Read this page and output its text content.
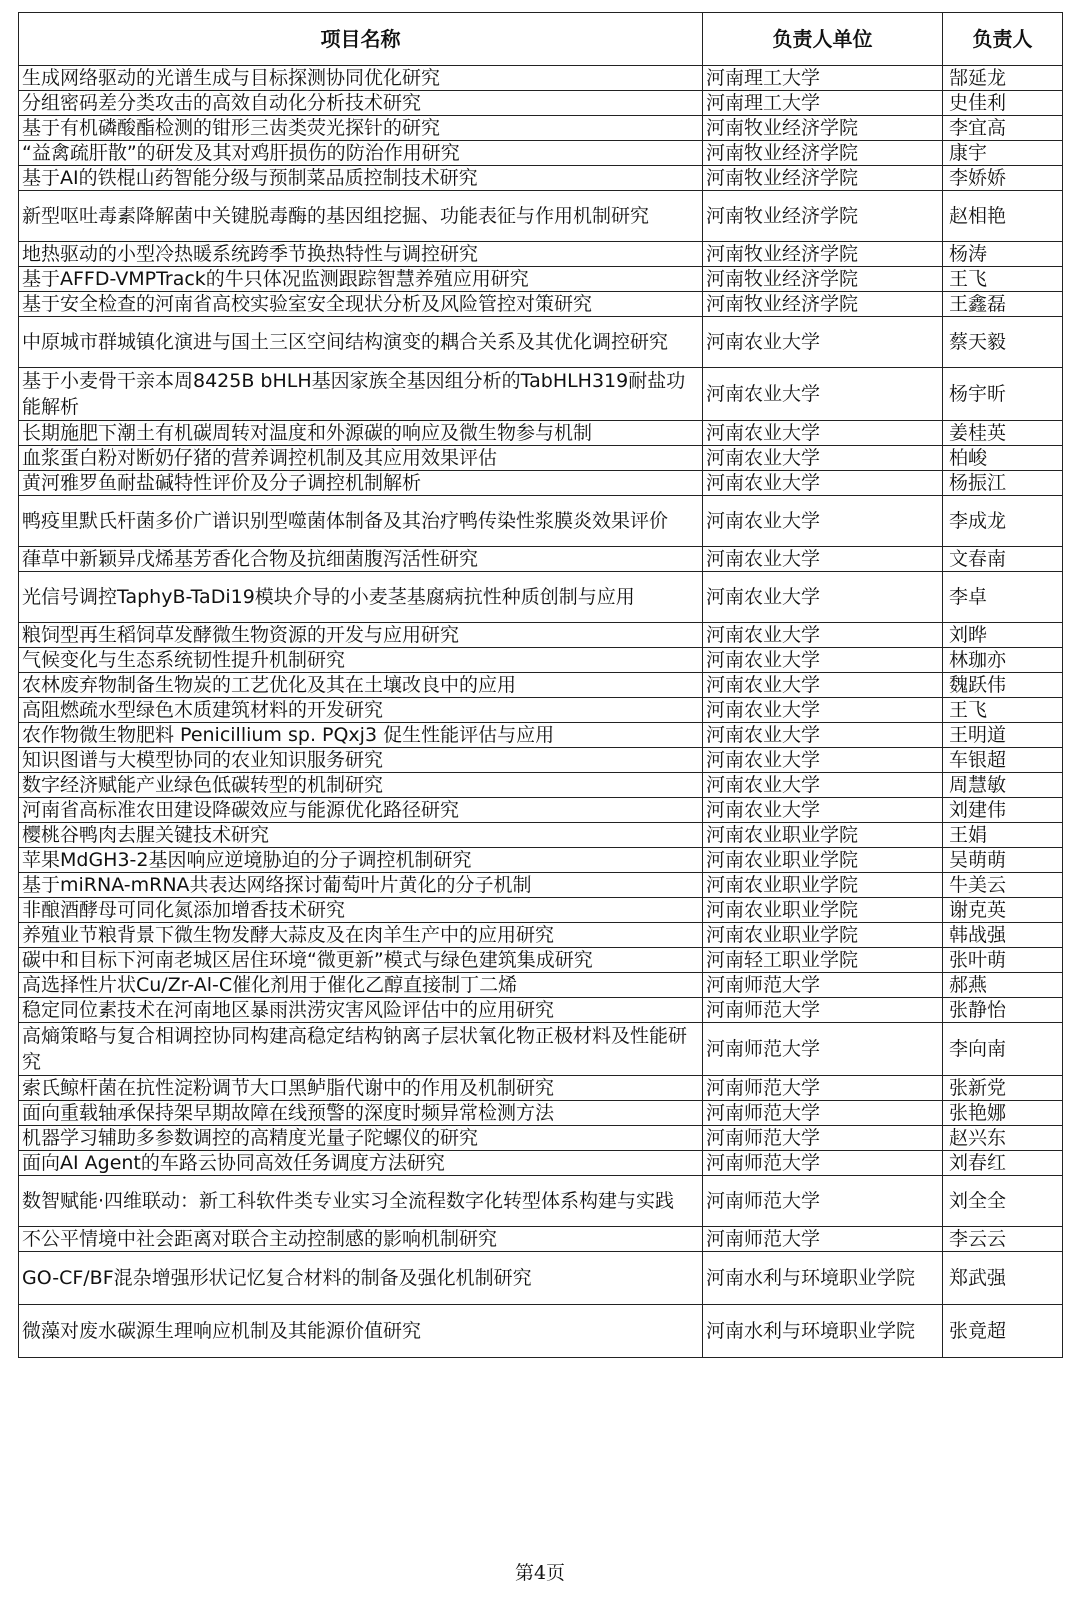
项目名称	负责人单位	负责人
生成网络驱动的光谱生成与目标探测协同优化研究	河南理工大学	郜延龙
分组密码差分类攻击的高效自动化分析技术研究	河南理工大学	史佳利
基于有机磷酸酯检测的钳形三齿类荧光探针的研究	河南牧业经济学院	李宜高
“益禽疏肝散”的研发及其对鸡肝损伤的防治作用研究	河南牧业经济学院	康宇
基于AI的铁棍山药智能分级与预制菜品质控制技术研究	河南牧业经济学院	李娇娇
新型呕吐毒素降解菌中关键脱毒酶的基因组挖掘、功能表征与作用机制研究	河南牧业经济学院	赵相艳
地热驱动的小型冷热暖系统跨季节换热特性与调控研究	河南牧业经济学院	杨涛
基于AFFD-VMPTrack的牛只体况监测跟踪智慧养殖应用研究	河南牧业经济学院	王飞
基于安全检查的河南省高校实验室安全现状分析及风险管控对策研究	河南牧业经济学院	王鑫磊
中原城市群城镇化演进与国土三区空间结构演变的耦合关系及其优化调控研究	河南农业大学	蔡天毅
基于小麦骨干亲本周8425B bHLH基因家族全基因组分析的TabHLH319耐盐功能解析	河南农业大学	杨宇昕
长期施肥下潮土有机碳周转对温度和外源碳的响应及微生物参与机制	河南农业大学	姜桂英
血浆蛋白粉对断奶仔猪的营养调控机制及其应用效果评估	河南农业大学	柏峻
黄河雅罗鱼耐盐碱特性评价及分子调控机制解析	河南农业大学	杨振江
鸭疫里默氏杆菌多价广谱识别型噬菌体制备及其治疗鸭传染性浆膜炎效果评价	河南农业大学	李成龙
葎草中新颖异戊烯基芳香化合物及抗细菌腹泻活性研究	河南农业大学	文春南
光信号调控TaphyB-TaDi19模块介导的小麦茎基腐病抗性种质创制与应用	河南农业大学	李卓
粮饲型再生稻饲草发酵微生物资源的开发与应用研究	河南农业大学	刘晔
气候变化与生态系统韧性提升机制研究	河南农业大学	林珈亦
农林废弃物制备生物炭的工艺优化及其在土壤改良中的应用	河南农业大学	魏跃伟
高阻燃疏水型绿色木质建筑材料的开发研究	河南农业大学	王飞
农作物微生物肥料 Penicillium sp. PQxj3 促生性能评估与应用	河南农业大学	王明道
知识图谱与大模型协同的农业知识服务研究	河南农业大学	车银超
数字经济赋能产业绿色低碳转型的机制研究	河南农业大学	周慧敏
河南省高标准农田建设降碳效应与能源优化路径研究	河南农业大学	刘建伟
樱桃谷鸭肉去腥关键技术研究	河南农业职业学院	王娟
苹果MdGH3-2基因响应逆境胁迫的分子调控机制研究	河南农业职业学院	吴萌萌
基于miRNA-mRNA共表达网络探讨葡萄叶片黄化的分子机制	河南农业职业学院	牛美云
非酿酒酵母可同化氮添加增香技术研究	河南农业职业学院	谢克英
养殖业节粮背景下微生物发酵大蒜皮及在肉羊生产中的应用研究	河南农业职业学院	韩战强
碳中和目标下河南老城区居住环境“微更新”模式与绿色建筑集成研究	河南轻工职业学院	张叶萌
高选择性片状Cu/Zr-Al-C催化剂用于催化乙醇直接制丁二烯	河南师范大学	郝燕
稳定同位素技术在河南地区暴雨洪涝灾害风险评估中的应用研究	河南师范大学	张静怡
高熵策略与复合相调控协同构建高稳定结构钠离子层状氧化物正极材料及性能研究	河南师范大学	李向南
索氏鲸杆菌在抗性淀粉调节大口黑鲈脂代谢中的作用及机制研究	河南师范大学	张新党
面向重载轴承保持架早期故障在线预警的深度时频异常检测方法	河南师范大学	张艳娜
机器学习辅助多参数调控的高精度光量子陀螺仪的研究	河南师范大学	赵兴东
面向AI Agent的车路云协同高效任务调度方法研究	河南师范大学	刘春红
数智赋能·四维联动：新工科软件类专业实习全流程数字化转型体系构建与实践	河南师范大学	刘全全
不公平情境中社会距离对联合主动控制感的影响机制研究	河南师范大学	李云云
GO-CF/BF混杂增强形状记忆复合材料的制备及强化机制研究	河南水利与环境职业学院	郑武强
微藻对废水碳源生理响应机制及其能源价值研究	河南水利与环境职业学院	张竟超
第4页
